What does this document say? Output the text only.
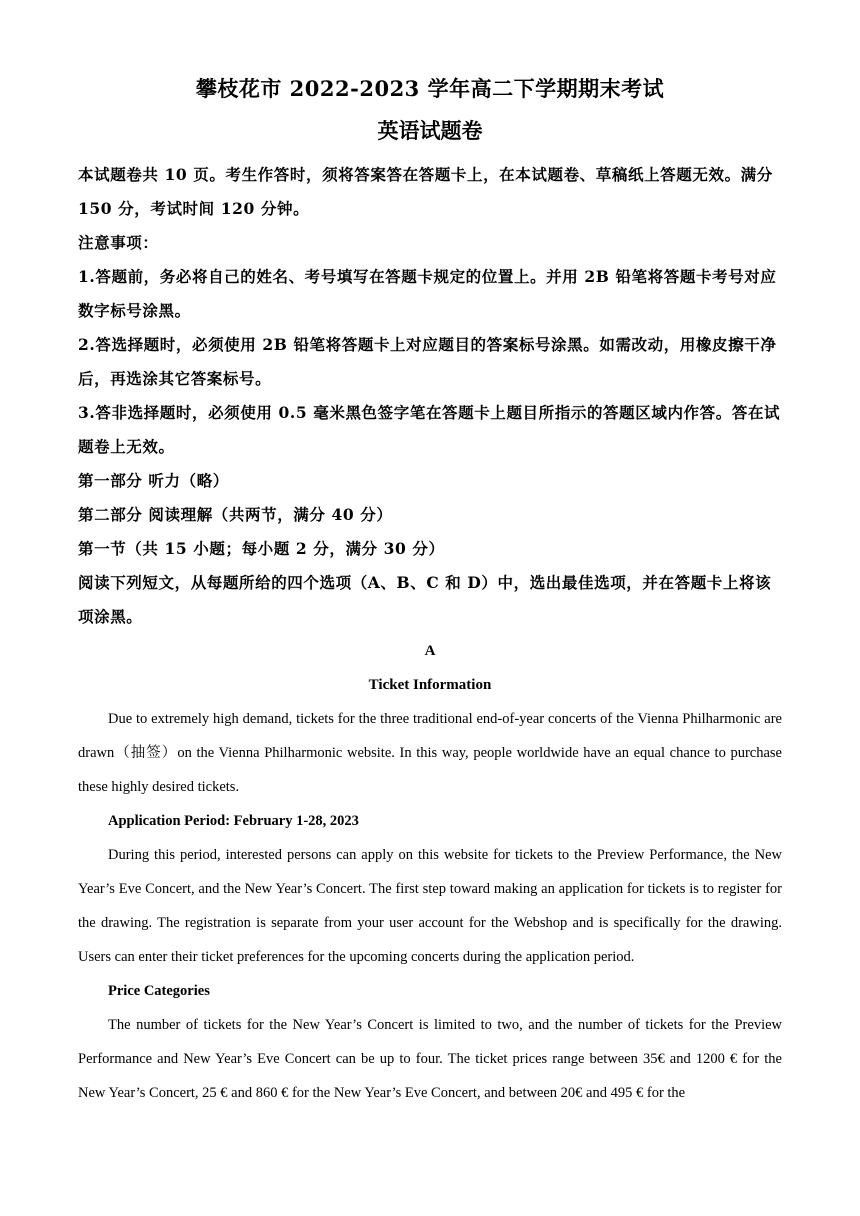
攀枝花市 2022-2023 学年高二下学期期末考试
英语试题卷

本试题卷共 10 页。考生作答时，须将答案答在答题卡上，在本试题卷、草稿纸上答题无效。满分 150 分，考试时间 120 分钟。

注意事项：

1.答题前，务必将自己的姓名、考号填写在答题卡规定的位置上。并用 2B 铅笔将答题卡考号对应数字标号涂黑。

2.答选择题时，必须使用 2B 铅笔将答题卡上对应题目的答案标号涂黑。如需改动，用橡皮擦干净后，再选涂其它答案标号。

3.答非选择题时，必须使用 0.5 毫米黑色签字笔在答题卡上题目所指示的答题区域内作答。答在试题卷上无效。

第一部分 听力（略）

第二部分 阅读理解（共两节，满分 40 分）

第一节（共 15 小题；每小题 2 分，满分 30 分）

阅读下列短文，从每题所给的四个选项（A、B、C 和 D）中，选出最佳选项，并在答题卡上将该项涂黑。

A

Ticket Information

Due to extremely high demand, tickets for the three traditional end-of-year concerts of the Vienna Philharmonic are drawn（抽签）on the Vienna Philharmonic website. In this way, people worldwide have an equal chance to purchase these highly desired tickets.

Application Period: February 1-28, 2023

During this period, interested persons can apply on this website for tickets to the Preview Performance, the New Year’s Eve Concert, and the New Year’s Concert. The first step toward making an application for tickets is to register for the drawing. The registration is separate from your user account for the Webshop and is specifically for the drawing. Users can enter their ticket preferences for the upcoming concerts during the application period.

Price Categories

The number of tickets for the New Year’s Concert is limited to two, and the number of tickets for the Preview Performance and New Year’s Eve Concert can be up to four. The ticket prices range between 35€ and 1200 € for the New Year’s Concert, 25 € and 860 € for the New Year’s Eve Concert, and between 20€ and 495 € for the
